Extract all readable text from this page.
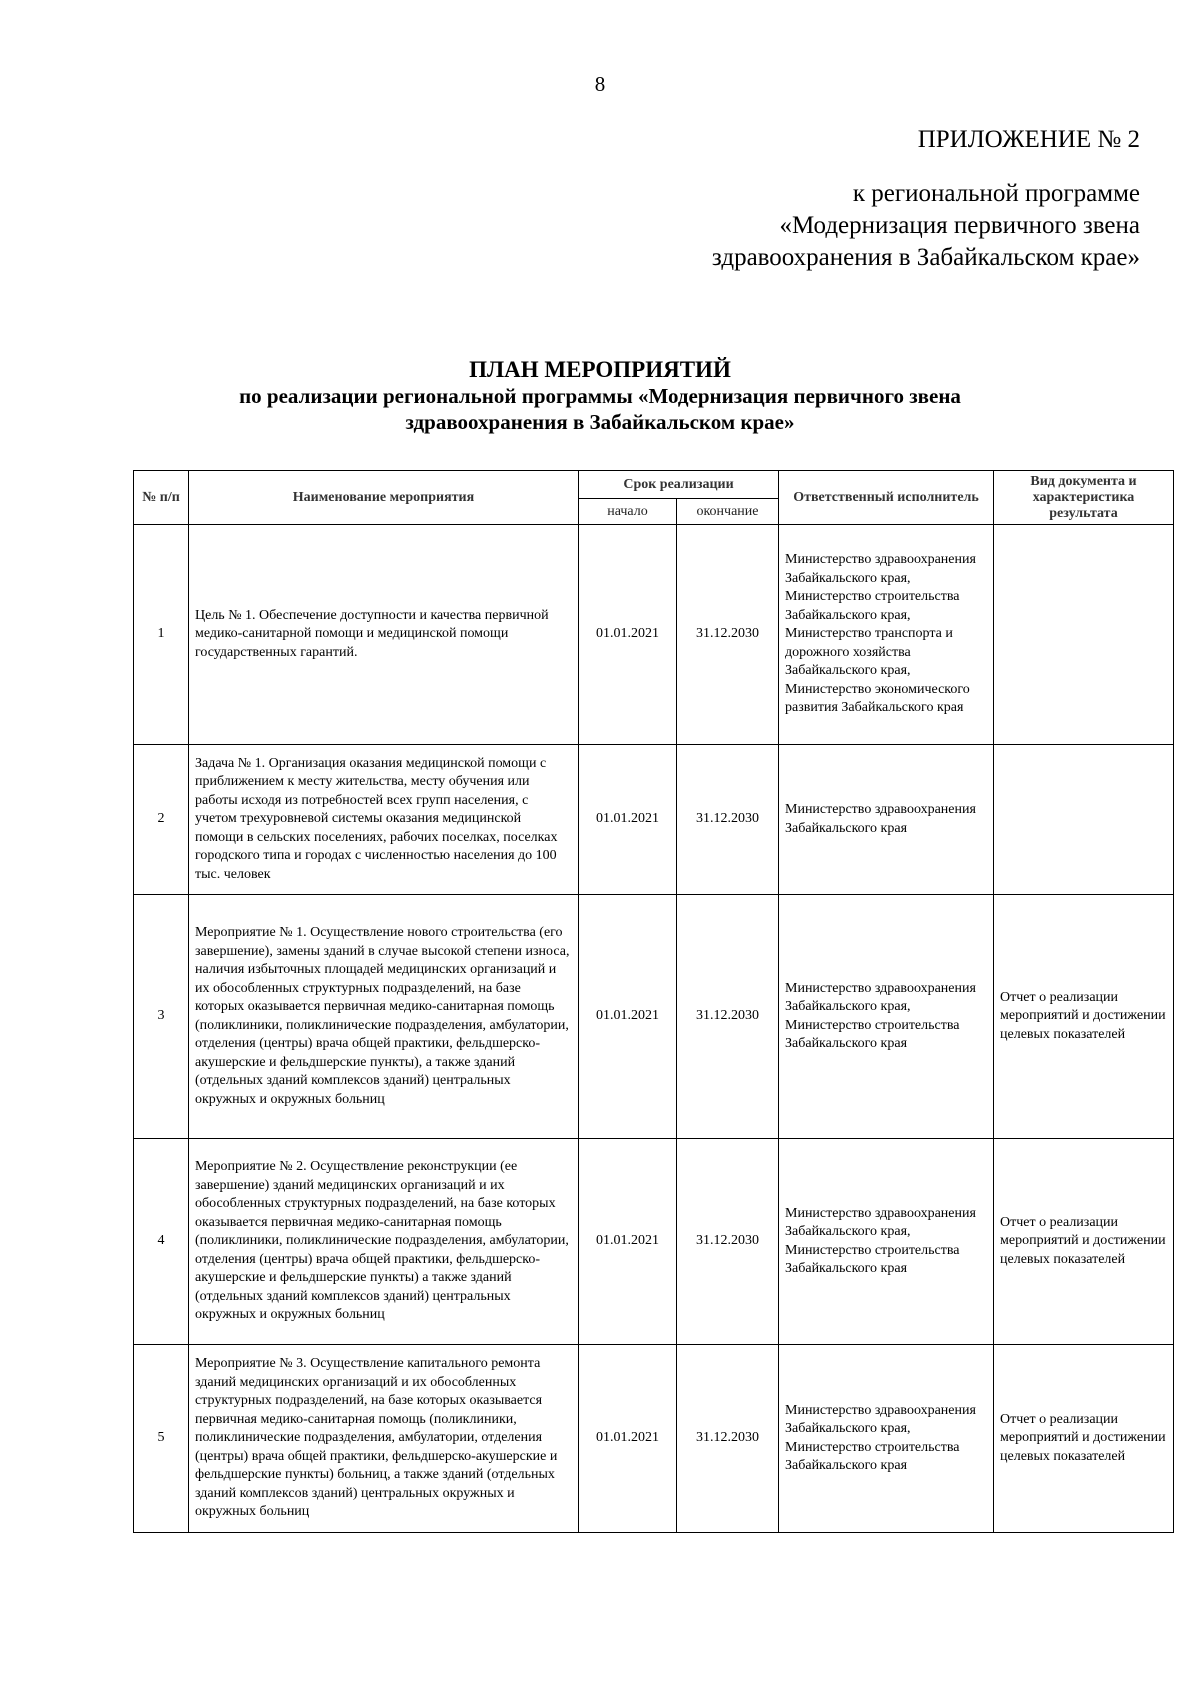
8
ПРИЛОЖЕНИЕ № 2
к региональной программе
«Модернизация первичного звена
здравоохранения в Забайкальском крае»
ПЛАН МЕРОПРИЯТИЙ
по реализации региональной программы «Модернизация первичного звена
здравоохранения в Забайкальском крае»
№ п/п	Наименование мероприятия	Срок реализации		Ответственный исполнитель	Вид документа и характеристика результата
		начало	окончание		
1	Цель № 1. Обеспечение доступности и качества первичной медико-санитарной помощи и медицинской помощи государственных гарантий.	01.01.2021	31.12.2030	Министерство здравоохранения Забайкальского края, Министерство строительства Забайкальского края, Министерство транспорта и дорожного хозяйства Забайкальского края, Министерство экономического развития Забайкальского края	
2	Задача № 1. Организация оказания медицинской помощи с приближением к месту жительства, месту обучения или работы исходя из потребностей всех групп населения, с учетом трехуровневой системы оказания медицинской помощи в сельских поселениях, рабочих поселках, поселках городского типа и городах с численностью населения до 100 тыс. человек	01.01.2021	31.12.2030	Министерство здравоохранения Забайкальского края	
3	Мероприятие № 1. Осуществление нового строительства (его завершение), замены зданий в случае высокой степени износа, наличия избыточных площадей медицинских организаций и их обособленных структурных подразделений, на базе которых оказывается первичная медико-санитарная помощь (поликлиники, поликлинические подразделения, амбулатории, отделения (центры) врача общей практики, фельдшерско-акушерские и фельдшерские пункты), а также зданий (отдельных зданий комплексов зданий) центральных окружных и окружных больниц	01.01.2021	31.12.2030	Министерство здравоохранения Забайкальского края, Министерство строительства Забайкальского края	Отчет о реализации мероприятий и достижении целевых показателей
4	Мероприятие № 2. Осуществление реконструкции (ее завершение) зданий медицинских организаций и их обособленных структурных подразделений, на базе которых оказывается первичная медико-санитарная помощь (поликлиники, поликлинические подразделения, амбулатории, отделения (центры) врача общей практики, фельдшерско-акушерские и фельдшерские пункты) а также зданий (отдельных зданий комплексов зданий) центральных окружных и окружных больниц	01.01.2021	31.12.2030	Министерство здравоохранения Забайкальского края, Министерство строительства Забайкальского края	Отчет о реализации мероприятий и достижении целевых показателей
5	Мероприятие № 3. Осуществление капитального ремонта зданий медицинских организаций и их обособленных структурных подразделений, на базе которых оказывается первичная медико-санитарная помощь (поликлиники, поликлинические подразделения, амбулатории, отделения (центры) врача общей практики, фельдшерско-акушерские и фельдшерские пункты) больниц, а также зданий (отдельных зданий комплексов зданий) центральных окружных и окружных больниц	01.01.2021	31.12.2030	Министерство здравоохранения Забайкальского края, Министерство строительства Забайкальского края	Отчет о реализации мероприятий и достижении целевых показателей
